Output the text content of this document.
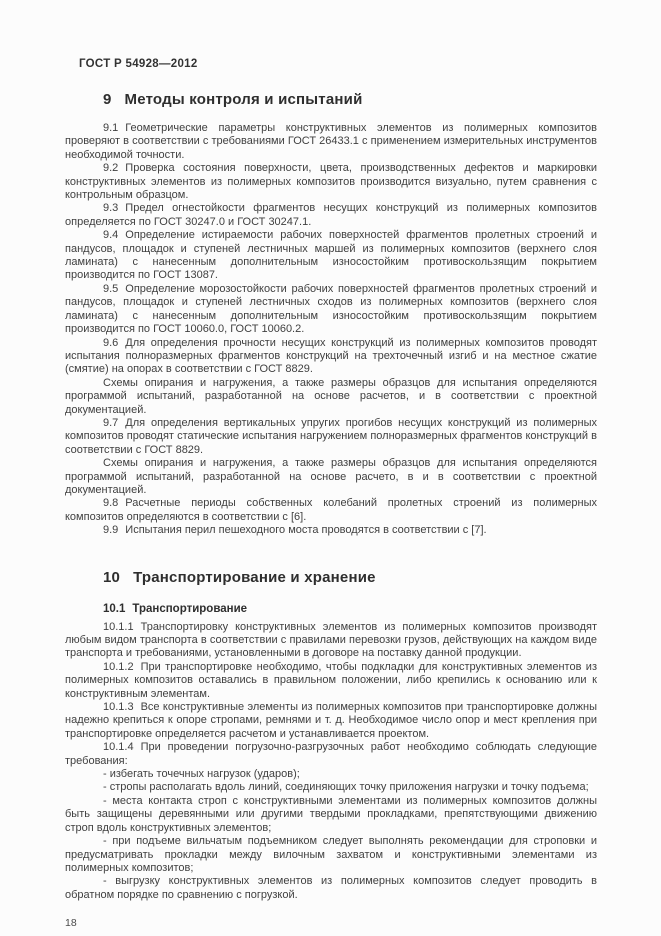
ГОСТ Р 54928—2012
9 Методы контроля и испытаний

9.1 Геометрические параметры конструктивных элементов из полимерных композитов проверяют в соответствии с требованиями ГОСТ 26433.1 с применением измерительных инструментов необходимой точности.

9.2 Проверка состояния поверхности, цвета, производственных дефектов и маркировки конструктивных элементов из полимерных композитов производится визуально, путем сравнения с контрольным образцом.

9.3 Предел огнестойкости фрагментов несущих конструкций из полимерных композитов определяется по ГОСТ 30247.0 и ГОСТ 30247.1.

9.4 Определение истираемости рабочих поверхностей фрагментов пролетных строений и пандусов, площадок и ступеней лестничных маршей из полимерных композитов (верхнего слоя ламината) с нанесенным дополнительным износостойким противоскользящим покрытием производится по ГОСТ 13087.

9.5 Определение морозостойкости рабочих поверхностей фрагментов пролетных строений и пандусов, площадок и ступеней лестничных сходов из полимерных композитов (верхнего слоя ламината) с нанесенным дополнительным износостойким противоскользящим покрытием производится по ГОСТ 10060.0, ГОСТ 10060.2.

9.6 Для определения прочности несущих конструкций из полимерных композитов проводят испытания полноразмерных фрагментов конструкций на трехточечный изгиб и на местное сжатие (смятие) на опорах в соответствии с ГОСТ 8829.

Схемы опирания и нагружения, а также размеры образцов для испытания определяются программой испытаний, разработанной на основе расчетов, и в соответствии с проектной документацией.

9.7 Для определения вертикальных упругих прогибов несущих конструкций из полимерных композитов проводят статические испытания нагружением полноразмерных фрагментов конструкций в соответствии с ГОСТ 8829.

Схемы опирания и нагружения, а также размеры образцов для испытания определяются программой испытаний, разработанной на основе расчето, в и в соответствии с проектной документацией.

9.8 Расчетные периоды собственных колебаний пролетных строений из полимерных композитов определяются в соответствии с [6].

9.9 Испытания перил пешеходного моста проводятся в соответствии с [7].

10 Транспортирование и хранение
10.1 Транспортирование

10.1.1 Транспортировку конструктивных элементов из полимерных композитов производят любым видом транспорта в соответствии с правилами перевозки грузов, действующих на каждом виде транспорта и требованиями, установленными в договоре на поставку данной продукции.

10.1.2 При транспортировке необходимо, чтобы подкладки для конструктивных элементов из полимерных композитов оставались в правильном положении, либо крепились к основанию или к конструктивным элементам.

10.1.3 Все конструктивные элементы из полимерных композитов при транспортировке должны надежно крепиться к опоре стропами, ремнями и т. д. Необходимое число опор и мест крепления при транспортировке определяется расчетом и устанавливается проектом.

10.1.4 При проведении погрузочно-разгрузочных работ необходимо соблюдать следующие требования:

- избегать точечных нагрузок (ударов);

- стропы располагать вдоль линий, соединяющих точку приложения нагрузки и точку подъема;

- места контакта строп с конструктивными элементами из полимерных композитов должны быть защищены деревянными или другими твердыми прокладками, препятствующими движению строп вдоль конструктивных элементов;

- при подъеме вильчатым подъемником следует выполнять рекомендации для строповки и предусматривать прокладки между вилочным захватом и конструктивными элементами из полимерных композитов;

- выгрузку конструктивных элементов из полимерных композитов следует проводить в обратном порядке по сравнению с погрузкой.

18
